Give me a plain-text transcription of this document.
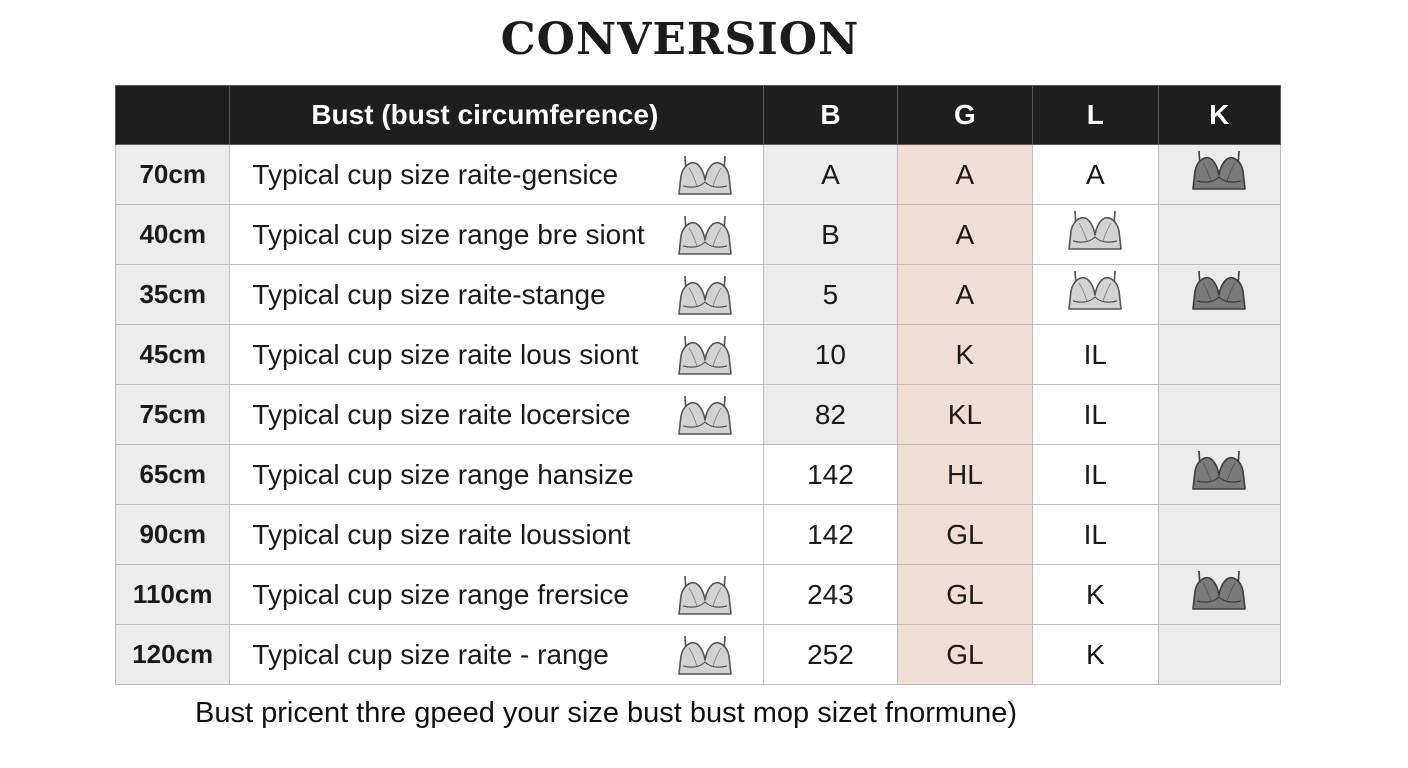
CONVERSION
	Bust (bust circumference)	B	G	L	K
70cm	Typical cup size raite-gensice	A	A	A	
40cm	Typical cup size range bre siont	B	A		
35cm	Typical cup size raite-stange	5	A		
45cm	Typical cup size raite lous siont	10	K	IL	
75cm	Typical cup size raite locersice	82	KL	IL	
65cm	Typical cup size range hansize	142	HL	IL	
90cm	Typical cup size raite loussiont	142	GL	IL	
110cm	Typical cup size range frersice	243	GL	K	
120cm	Typical cup size raite - range	252	GL	K	
Bust pricent thre gpeed your size bust bust mop sizet fnormune)
